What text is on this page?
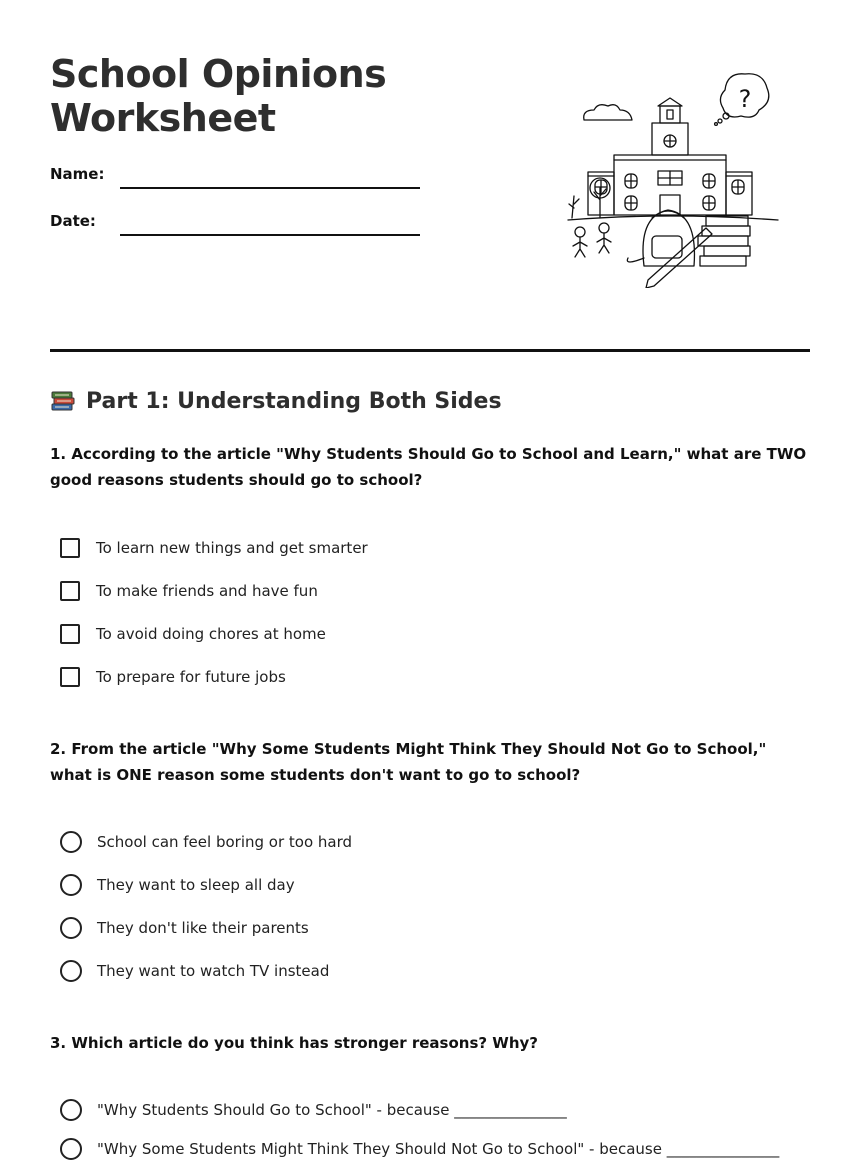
School Opinions
Worksheet
Name:
Date:
?
Part 1: Understanding Both Sides
1. According to the article "Why Students Should Go to School and Learn," what are TWO good reasons students should go to school?
To learn new things and get smarter
To make friends and have fun
To avoid doing chores at home
To prepare for future jobs
2. From the article "Why Some Students Might Think They Should Not Go to School," what is ONE reason some students don't want to go to school?
School can feel boring or too hard
They want to sleep all day
They don't like their parents
They want to watch TV instead
3. Which article do you think has stronger reasons? Why?
"Why Students Should Go to School" - because _______________
"Why Some Students Might Think They Should Not Go to School" - because _______________
